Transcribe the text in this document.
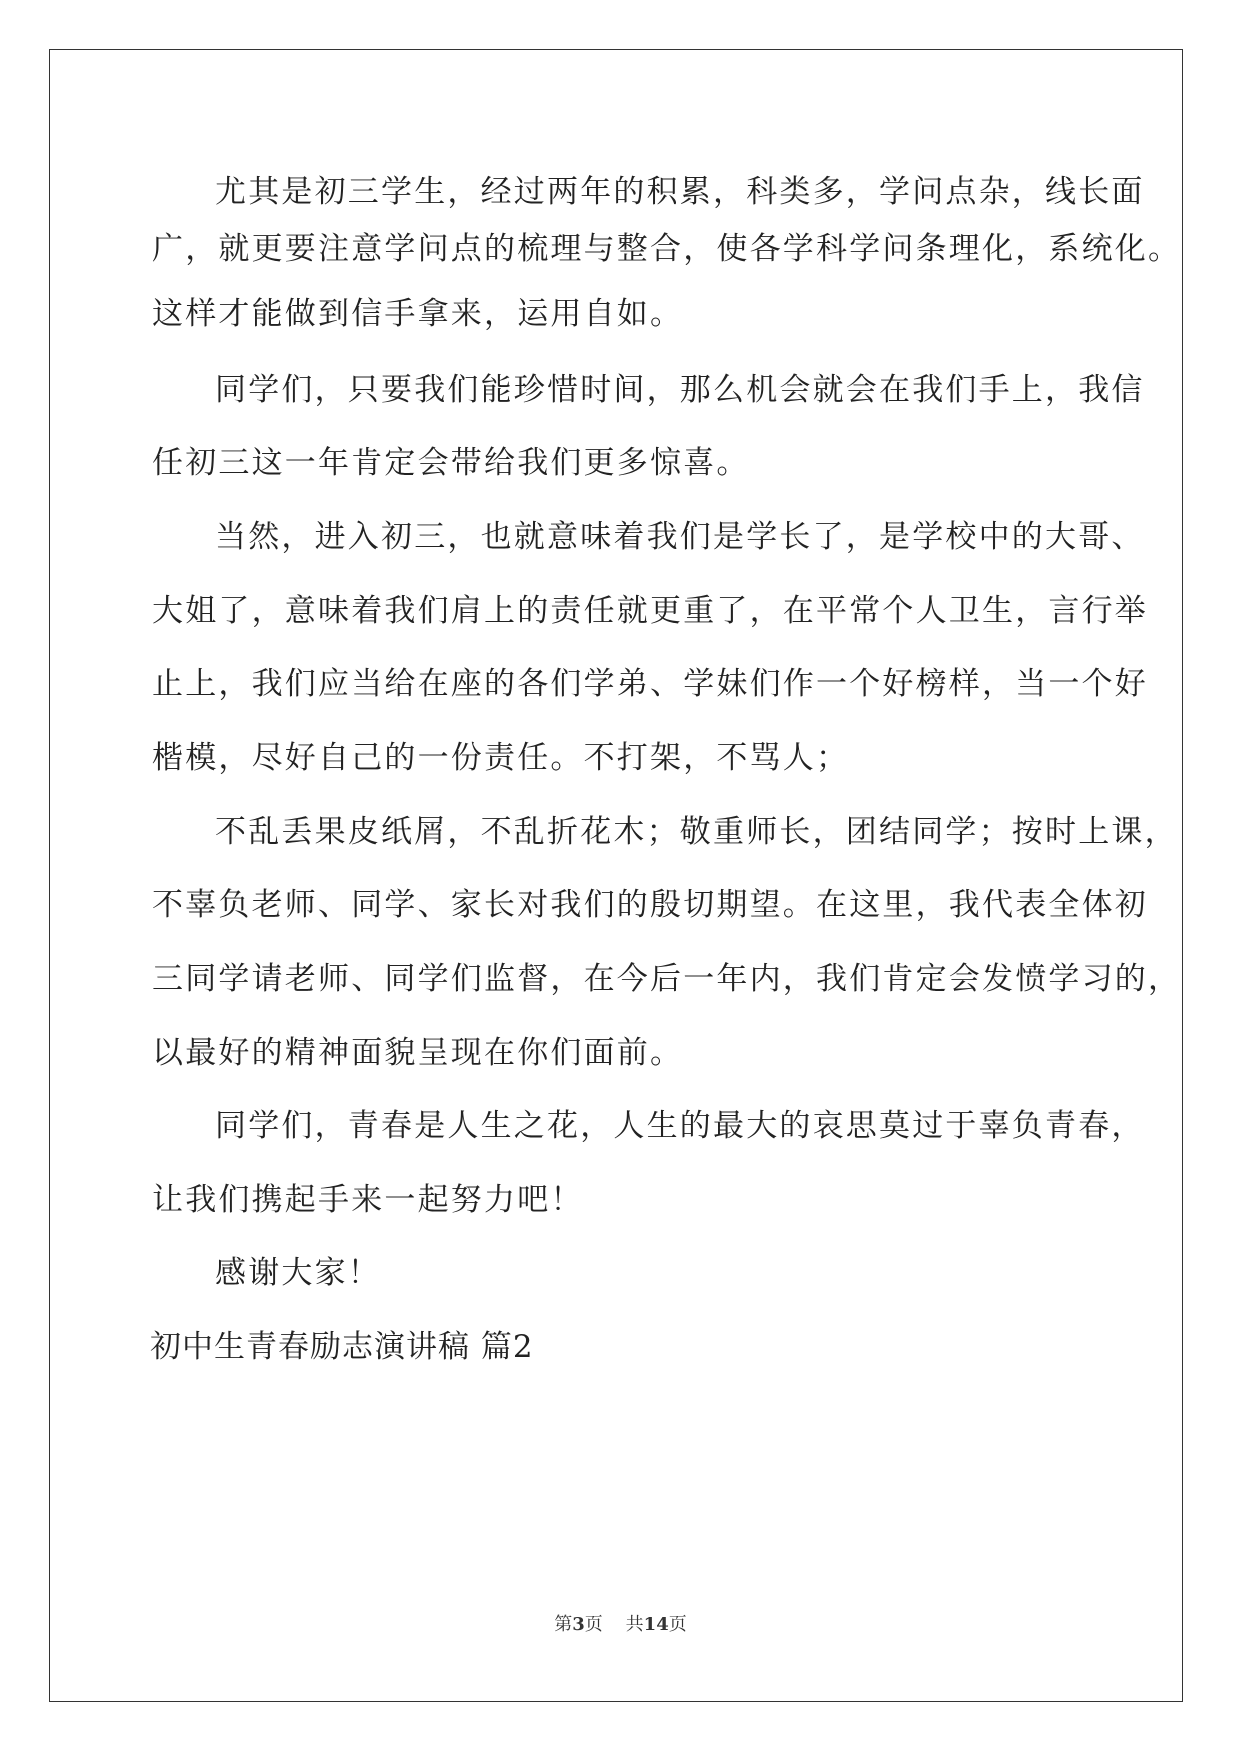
尤其是初三学生，经过两年的积累，科类多，学问点杂，线长面
广，就更要注意学问点的梳理与整合，使各学科学问条理化，系统化。
这样才能做到信手拿来，运用自如。
同学们，只要我们能珍惜时间，那么机会就会在我们手上，我信
任初三这一年肯定会带给我们更多惊喜。
当然，进入初三，也就意味着我们是学长了，是学校中的大哥、
大姐了，意味着我们肩上的责任就更重了，在平常个人卫生，言行举
止上，我们应当给在座的各们学弟、学妹们作一个好榜样，当一个好
楷模，尽好自己的一份责任。不打架，不骂人；
不乱丢果皮纸屑，不乱折花木；敬重师长，团结同学；按时上课，
不辜负老师、同学、家长对我们的殷切期望。在这里，我代表全体初
三同学请老师、同学们监督，在今后一年内，我们肯定会发愤学习的，
以最好的精神面貌呈现在你们面前。
同学们，青春是人生之花，人生的最大的哀思莫过于辜负青春，
让我们携起手来一起努力吧！
感谢大家！
初中生青春励志演讲稿 篇2
第3页 共14页
